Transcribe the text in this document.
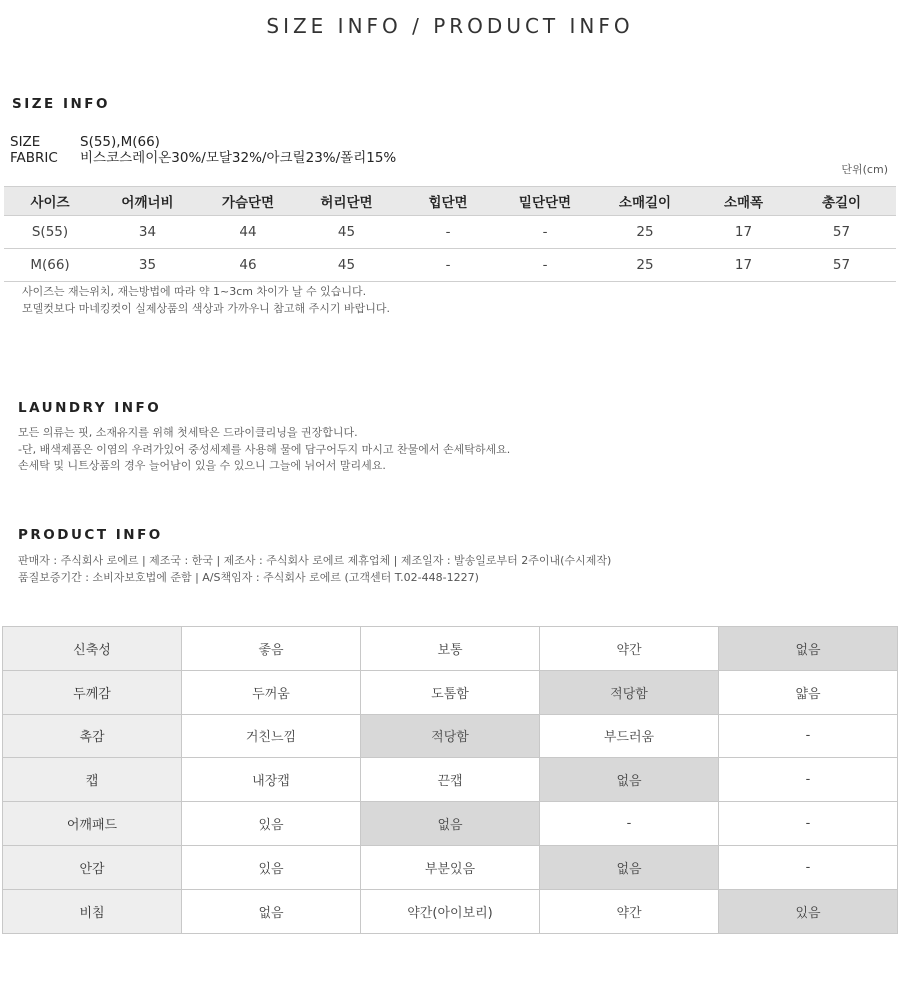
SIZE INFO / PRODUCT INFO
SIZE INFO
SIZE	S(55),M(66)
FABRIC 비스코스레이온30%/모달32%/아크릴23%/폴리15%
단위(cm)
사이즈	어깨너비	가슴단면	허리단면	힙단면	밑단단면	소매길이	소매폭	총길이
S(55)	34	44	45	-	-	25	17	57
M(66)	35	46	45	-	-	25	17	57
사이즈는 재는위치, 재는방법에 따라 약 1~3cm 차이가 날 수 있습니다.
모델컷보다 마네킹컷이 실제상품의 색상과 가까우니 참고해 주시기 바랍니다.
LAUNDRY INFO
모든 의류는 핏, 소재유지를 위해 첫세탁은 드라이클리닝을 권장합니다.
-단, 배색제품은 이염의 우려가있어 중성세제를 사용해 물에 담구어두지 마시고 찬물에서 손세탁하세요.
손세탁 및 니트상품의 경우 늘어남이 있을 수 있으니 그늘에 뉘어서 말리세요.
PRODUCT INFO
판매자 : 주식회사 로에르 | 제조국 : 한국 | 제조사 : 주식회사 로에르 제휴업체 | 제조일자 : 발송일로부터 2주이내(수시제작)
품질보증기간 : 소비자보호법에 준함 | A/S책임자 : 주식회사 로에르 (고객센터 T.02-448-1227)
신축성	좋음	보통	약간	없음
두께감	두꺼움	도톰함	적당함	얇음
촉감	거친느낌	적당함	부드러움	-
캡	내장캡	끈캡	없음	-
어깨패드	있음	없음	-	-
안감	있음	부분있음	없음	-
비침	없음	약간(아이보리)	약간	있음
